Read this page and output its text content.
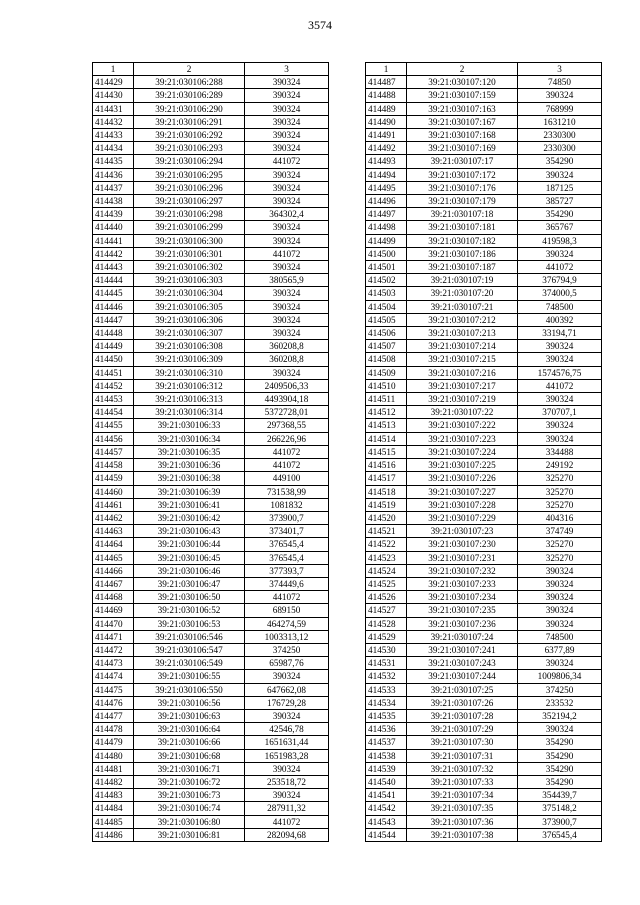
3574
1	2	3
414429	39:21:030106:288	390324
414430	39:21:030106:289	390324
414431	39:21:030106:290	390324
414432	39:21:030106:291	390324
414433	39:21:030106:292	390324
414434	39:21:030106:293	390324
414435	39:21:030106:294	441072
414436	39:21:030106:295	390324
414437	39:21:030106:296	390324
414438	39:21:030106:297	390324
414439	39:21:030106:298	364302,4
414440	39:21:030106:299	390324
414441	39:21:030106:300	390324
414442	39:21:030106:301	441072
414443	39:21:030106:302	390324
414444	39:21:030106:303	380565,9
414445	39:21:030106:304	390324
414446	39:21:030106:305	390324
414447	39:21:030106:306	390324
414448	39:21:030106:307	390324
414449	39:21:030106:308	360208,8
414450	39:21:030106:309	360208,8
414451	39:21:030106:310	390324
414452	39:21:030106:312	2409506,33
414453	39:21:030106:313	4493904,18
414454	39:21:030106:314	5372728,01
414455	39:21:030106:33	297368,55
414456	39:21:030106:34	266226,96
414457	39:21:030106:35	441072
414458	39:21:030106:36	441072
414459	39:21:030106:38	449100
414460	39:21:030106:39	731538,99
414461	39:21:030106:41	1081832
414462	39:21:030106:42	373900,7
414463	39:21:030106:43	373401,7
414464	39:21:030106:44	376545,4
414465	39:21:030106:45	376545,4
414466	39:21:030106:46	377393,7
414467	39:21:030106:47	374449,6
414468	39:21:030106:50	441072
414469	39:21:030106:52	689150
414470	39:21:030106:53	464274,59
414471	39:21:030106:546	1003313,12
414472	39:21:030106:547	374250
414473	39:21:030106:549	65987,76
414474	39:21:030106:55	390324
414475	39:21:030106:550	647662,08
414476	39:21:030106:56	176729,28
414477	39:21:030106:63	390324
414478	39:21:030106:64	42546,78
414479	39:21:030106:66	1651631,44
414480	39:21:030106:68	1651983,28
414481	39:21:030106:71	390324
414482	39:21:030106:72	253518,72
414483	39:21:030106:73	390324
414484	39:21:030106:74	287911,32
414485	39:21:030106:80	441072
414486	39:21:030106:81	282094,68
1	2	3
414487	39:21:030107:120	74850
414488	39:21:030107:159	390324
414489	39:21:030107:163	768999
414490	39:21:030107:167	1631210
414491	39:21:030107:168	2330300
414492	39:21:030107:169	2330300
414493	39:21:030107:17	354290
414494	39:21:030107:172	390324
414495	39:21:030107:176	187125
414496	39:21:030107:179	385727
414497	39:21:030107:18	354290
414498	39:21:030107:181	365767
414499	39:21:030107:182	419598,3
414500	39:21:030107:186	390324
414501	39:21:030107:187	441072
414502	39:21:030107:19	376794,9
414503	39:21:030107:20	374000,5
414504	39:21:030107:21	748500
414505	39:21:030107:212	400392
414506	39:21:030107:213	33194,71
414507	39:21:030107:214	390324
414508	39:21:030107:215	390324
414509	39:21:030107:216	1574576,75
414510	39:21:030107:217	441072
414511	39:21:030107:219	390324
414512	39:21:030107:22	370707,1
414513	39:21:030107:222	390324
414514	39:21:030107:223	390324
414515	39:21:030107:224	334488
414516	39:21:030107:225	249192
414517	39:21:030107:226	325270
414518	39:21:030107:227	325270
414519	39:21:030107:228	325270
414520	39:21:030107:229	404316
414521	39:21:030107:23	374749
414522	39:21:030107:230	325270
414523	39:21:030107:231	325270
414524	39:21:030107:232	390324
414525	39:21:030107:233	390324
414526	39:21:030107:234	390324
414527	39:21:030107:235	390324
414528	39:21:030107:236	390324
414529	39:21:030107:24	748500
414530	39:21:030107:241	6377,89
414531	39:21:030107:243	390324
414532	39:21:030107:244	1009806,34
414533	39:21:030107:25	374250
414534	39:21:030107:26	233532
414535	39:21:030107:28	352194,2
414536	39:21:030107:29	390324
414537	39:21:030107:30	354290
414538	39:21:030107:31	354290
414539	39:21:030107:32	354290
414540	39:21:030107:33	354290
414541	39:21:030107:34	354439,7
414542	39:21:030107:35	375148,2
414543	39:21:030107:36	373900,7
414544	39:21:030107:38	376545,4
